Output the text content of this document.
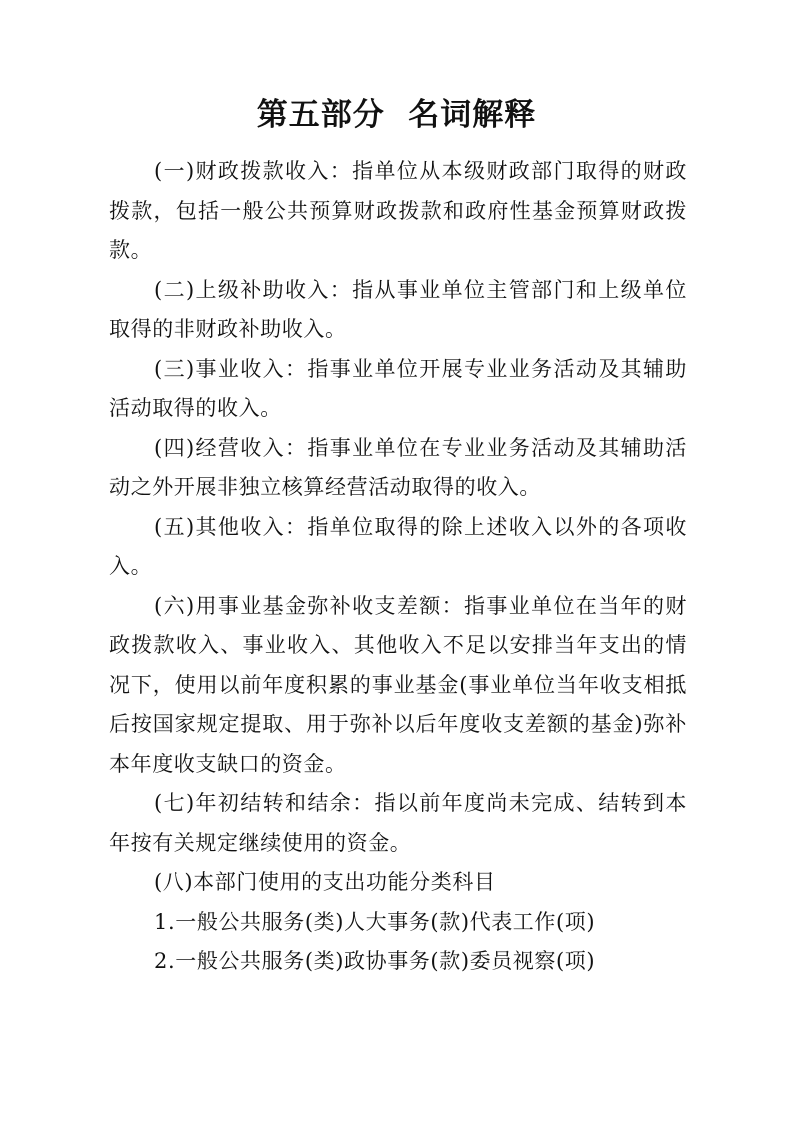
第五部分  名词解释

(一)财政拨款收入：指单位从本级财政部门取得的财政拨款，包括一般公共预算财政拨款和政府性基金预算财政拨款。

(二)上级补助收入：指从事业单位主管部门和上级单位取得的非财政补助收入。

(三)事业收入：指事业单位开展专业业务活动及其辅助活动取得的收入。

(四)经营收入：指事业单位在专业业务活动及其辅助活动之外开展非独立核算经营活动取得的收入。

(五)其他收入：指单位取得的除上述收入以外的各项收入。

(六)用事业基金弥补收支差额：指事业单位在当年的财政拨款收入、事业收入、其他收入不足以安排当年支出的情况下，使用以前年度积累的事业基金(事业单位当年收支相抵后按国家规定提取、用于弥补以后年度收支差额的基金)弥补本年度收支缺口的资金。

(七)年初结转和结余：指以前年度尚未完成、结转到本年按有关规定继续使用的资金。

(八)本部门使用的支出功能分类科目

1.一般公共服务(类)人大事务(款)代表工作(项)

2.一般公共服务(类)政协事务(款)委员视察(项)
